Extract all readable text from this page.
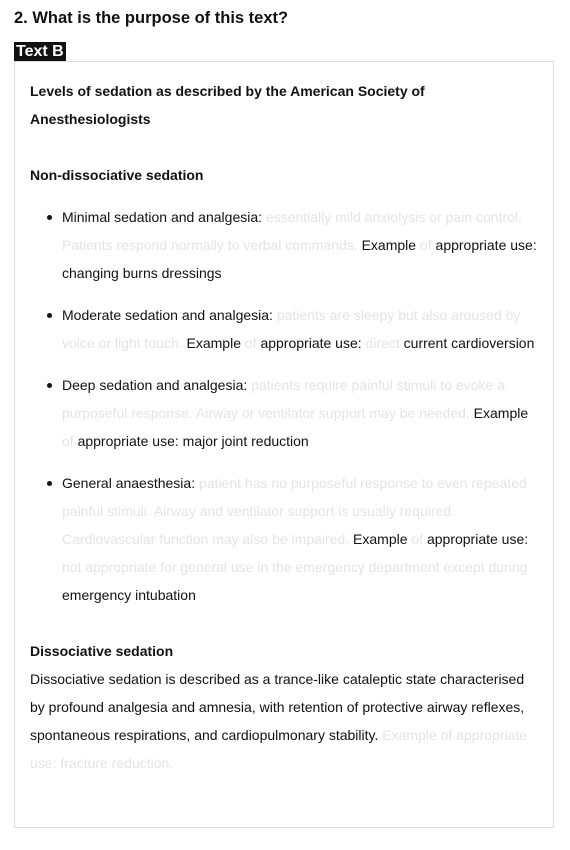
2. What is the purpose of this text?

Text B

Levels of sedation as described by the American Society of Anesthesiologists

Non-dissociative sedation

Minimal sedation and analgesia: essentially mild anxiolysis or pain control. Patients respond normally to verbal commands. Example of appropriate use: changing burns dressings
Moderate sedation and analgesia: patients are sleepy but also aroused by voice or light touch. Example of appropriate use: direct current cardioversion
Deep sedation and analgesia: patients require painful stimuli to evoke a purposeful response. Airway or ventilator support may be needed. Example of appropriate use: major joint reduction
General anaesthesia: patient has no purposeful response to even repeated painful stimuli. Airway and ventilator support is usually required. Cardiovascular function may also be impaired. Example of appropriate use: not appropriate for general use in the emergency department except during emergency intubation

Dissociative sedation

Dissociative sedation is described as a trance-like cataleptic state characterised by profound analgesia and amnesia, with retention of protective airway reflexes, spontaneous respirations, and cardiopulmonary stability. Example of appropriate use: fracture reduction.
